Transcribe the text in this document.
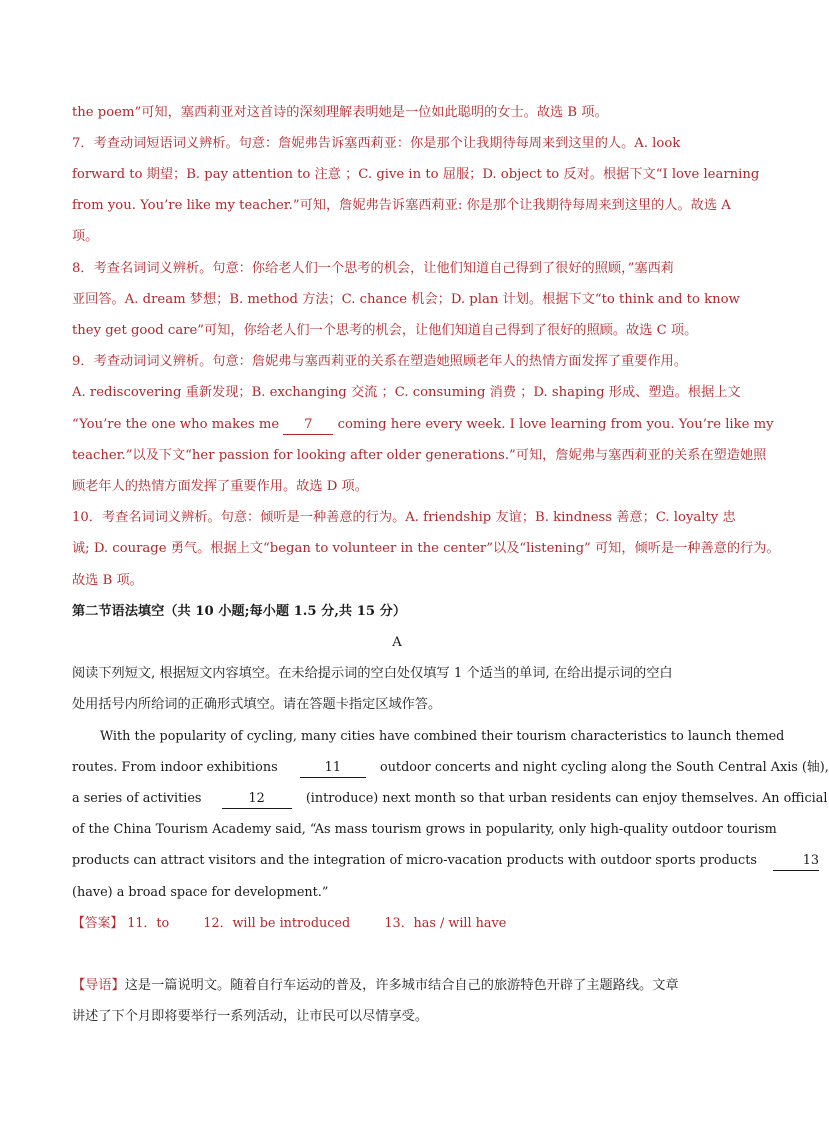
the poem”可知，塞西莉亚对这首诗的深刻理解表明她是一位如此聪明的女士。故选 B 项。
7．考查动词短语词义辨析。句意：詹妮弗告诉塞西莉亚：你是那个让我期待每周来到这里的人。A. look
forward to 期望；B. pay attention to 注意 ；C. give in to 屈服；D. object to 反对。根据下文“I love learning
from you. You’re like my teacher.”可知，詹妮弗告诉塞西莉亚: 你是那个让我期待每周来到这里的人。故选 A
项。
8．考查名词词义辨析。句意：你给老人们一个思考的机会，让他们知道自己得到了很好的照顾，”塞西莉
亚回答。A. dream 梦想；B. method 方法；C. chance 机会；D. plan 计划。根据下文“to think and to know
they get good care”可知，你给老人们一个思考的机会，让他们知道自己得到了很好的照顾。故选 C 项。
9．考查动词词义辨析。句意：詹妮弗与塞西莉亚的关系在塑造她照顾老年人的热情方面发挥了重要作用。
A. rediscovering 重新发现；B. exchanging 交流 ；C. consuming 消费 ；D. shaping 形成、塑造。根据上文
“You’re the one who makes me 7 coming here every week. I love learning from you. You’re like my
teacher.”以及下文“her passion for looking after older generations.”可知，詹妮弗与塞西莉亚的关系在塑造她照
顾老年人的热情方面发挥了重要作用。故选 D 项。
10．考查名词词义辨析。句意：倾听是一种善意的行为。A. friendship 友谊；B. kindness 善意；C. loyalty 忠
诚; D. courage 勇气。根据上文“began to volunteer in the center”以及“listening” 可知，倾听是一种善意的行为。
故选 B 项。
第二节语法填空（共 10 小题;每小题 1.5 分,共 15 分）
A
阅读下列短文, 根据短文内容填空。在未给提示词的空白处仅填写 1 个适当的单词, 在给出提示词的空白
处用括号内所给词的正确形式填空。请在答题卡指定区域作答。
With the popularity of cycling, many cities have combined their tourism characteristics to launch themed
routes. From indoor exhibitions	11	outdoor concerts and night cycling along the South Central Axis (轴),
a series of activities	12	(introduce) next month so that urban residents can enjoy themselves. An official
of the China Tourism Academy said, “As mass tourism grows in popularity, only high-quality outdoor tourism
products can attract visitors and the integration of micro-vacation products with outdoor sports products	13
(have) a broad space for development.”
【答案】 11．to	12．will be introduced	13．has / will have
【导语】这是一篇说明文。随着自行车运动的普及，许多城市结合自己的旅游特色开辟了主题路线。文章
讲述了下个月即将要举行一系列活动，让市民可以尽情享受。
